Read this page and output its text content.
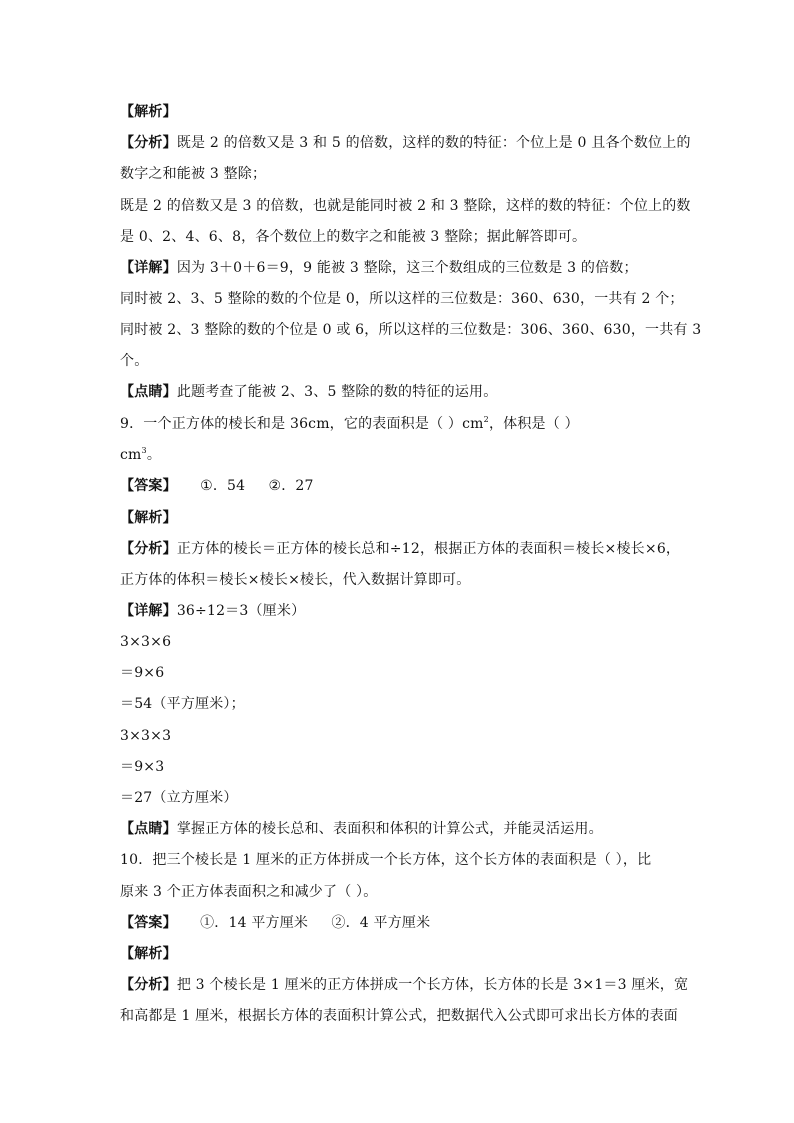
【解析】
【分析】既是 2 的倍数又是 3 和 5 的倍数，这样的数的特征：个位上是 0 且各个数位上的
数字之和能被 3 整除；
既是 2 的倍数又是 3 的倍数，也就是能同时被 2 和 3 整除，这样的数的特征：个位上的数
是 0、2、4、6、8，各个数位上的数字之和能被 3 整除；据此解答即可。
【详解】因为 3＋0＋6＝9，9 能被 3 整除，这三个数组成的三位数是 3 的倍数；
同时被 2、3、5 整除的数的个位是 0，所以这样的三位数是：360、630，一共有 2 个；
同时被 2、3 整除的数的个位是 0 或 6，所以这样的三位数是：306、360、630，一共有 3
个。
【点睛】此题考查了能被 2、3、5 整除的数的特征的运用。
9．一个正方体的棱长和是 36cm，它的表面积是（ ）$cm^2$，体积是（ ）
$cm^3$。
【答案】     ①．54     ②．27
【解析】
【分析】正方体的棱长＝正方体的棱长总和÷12，根据正方体的表面积＝棱长×棱长×6，
正方体的体积＝棱长×棱长×棱长，代入数据计算即可。
【详解】36÷12＝3（厘米）
3×3×6
＝9×6
＝54（平方厘米）；
3×3×3
＝9×3
＝27（立方厘米）
【点睛】掌握正方体的棱长总和、表面积和体积的计算公式，并能灵活运用。
10．把三个棱长是 1 厘米的正方体拼成一个长方体，这个长方体的表面积是（ ），比
原来 3 个正方体表面积之和减少了（ ）。
【答案】     ①．14 平方厘米     ②．4 平方厘米
【解析】
【分析】把 3 个棱长是 1 厘米的正方体拼成一个长方体，长方体的长是 3×1＝3 厘米，宽
和高都是 1 厘米，根据长方体的表面积计算公式，把数据代入公式即可求出长方体的表面
